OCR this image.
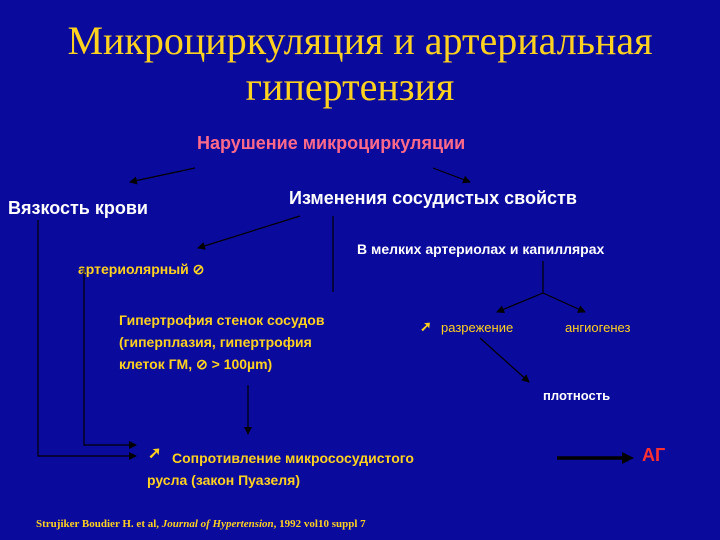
Микроциркуляция и артериальная
гипертензия
Нарушение микроциркуляции
Вязкость крови	Изменения сосудистых свойств
артериолярный ⊘
В мелких артериолах и капиллярах
Гипертрофия стенок сосудов
(гиперплазия, гипертрофия
клеток ГМ, ⊘ > 100µm)
➚ разрежение	ангиогенез
плотность
➚ Сопротивление микрососудистого
русла (закон Пуазеля)
АГ
Strujiker Boudier H. et al, Journal of Hypertension, 1992 vol10 suppl 7
